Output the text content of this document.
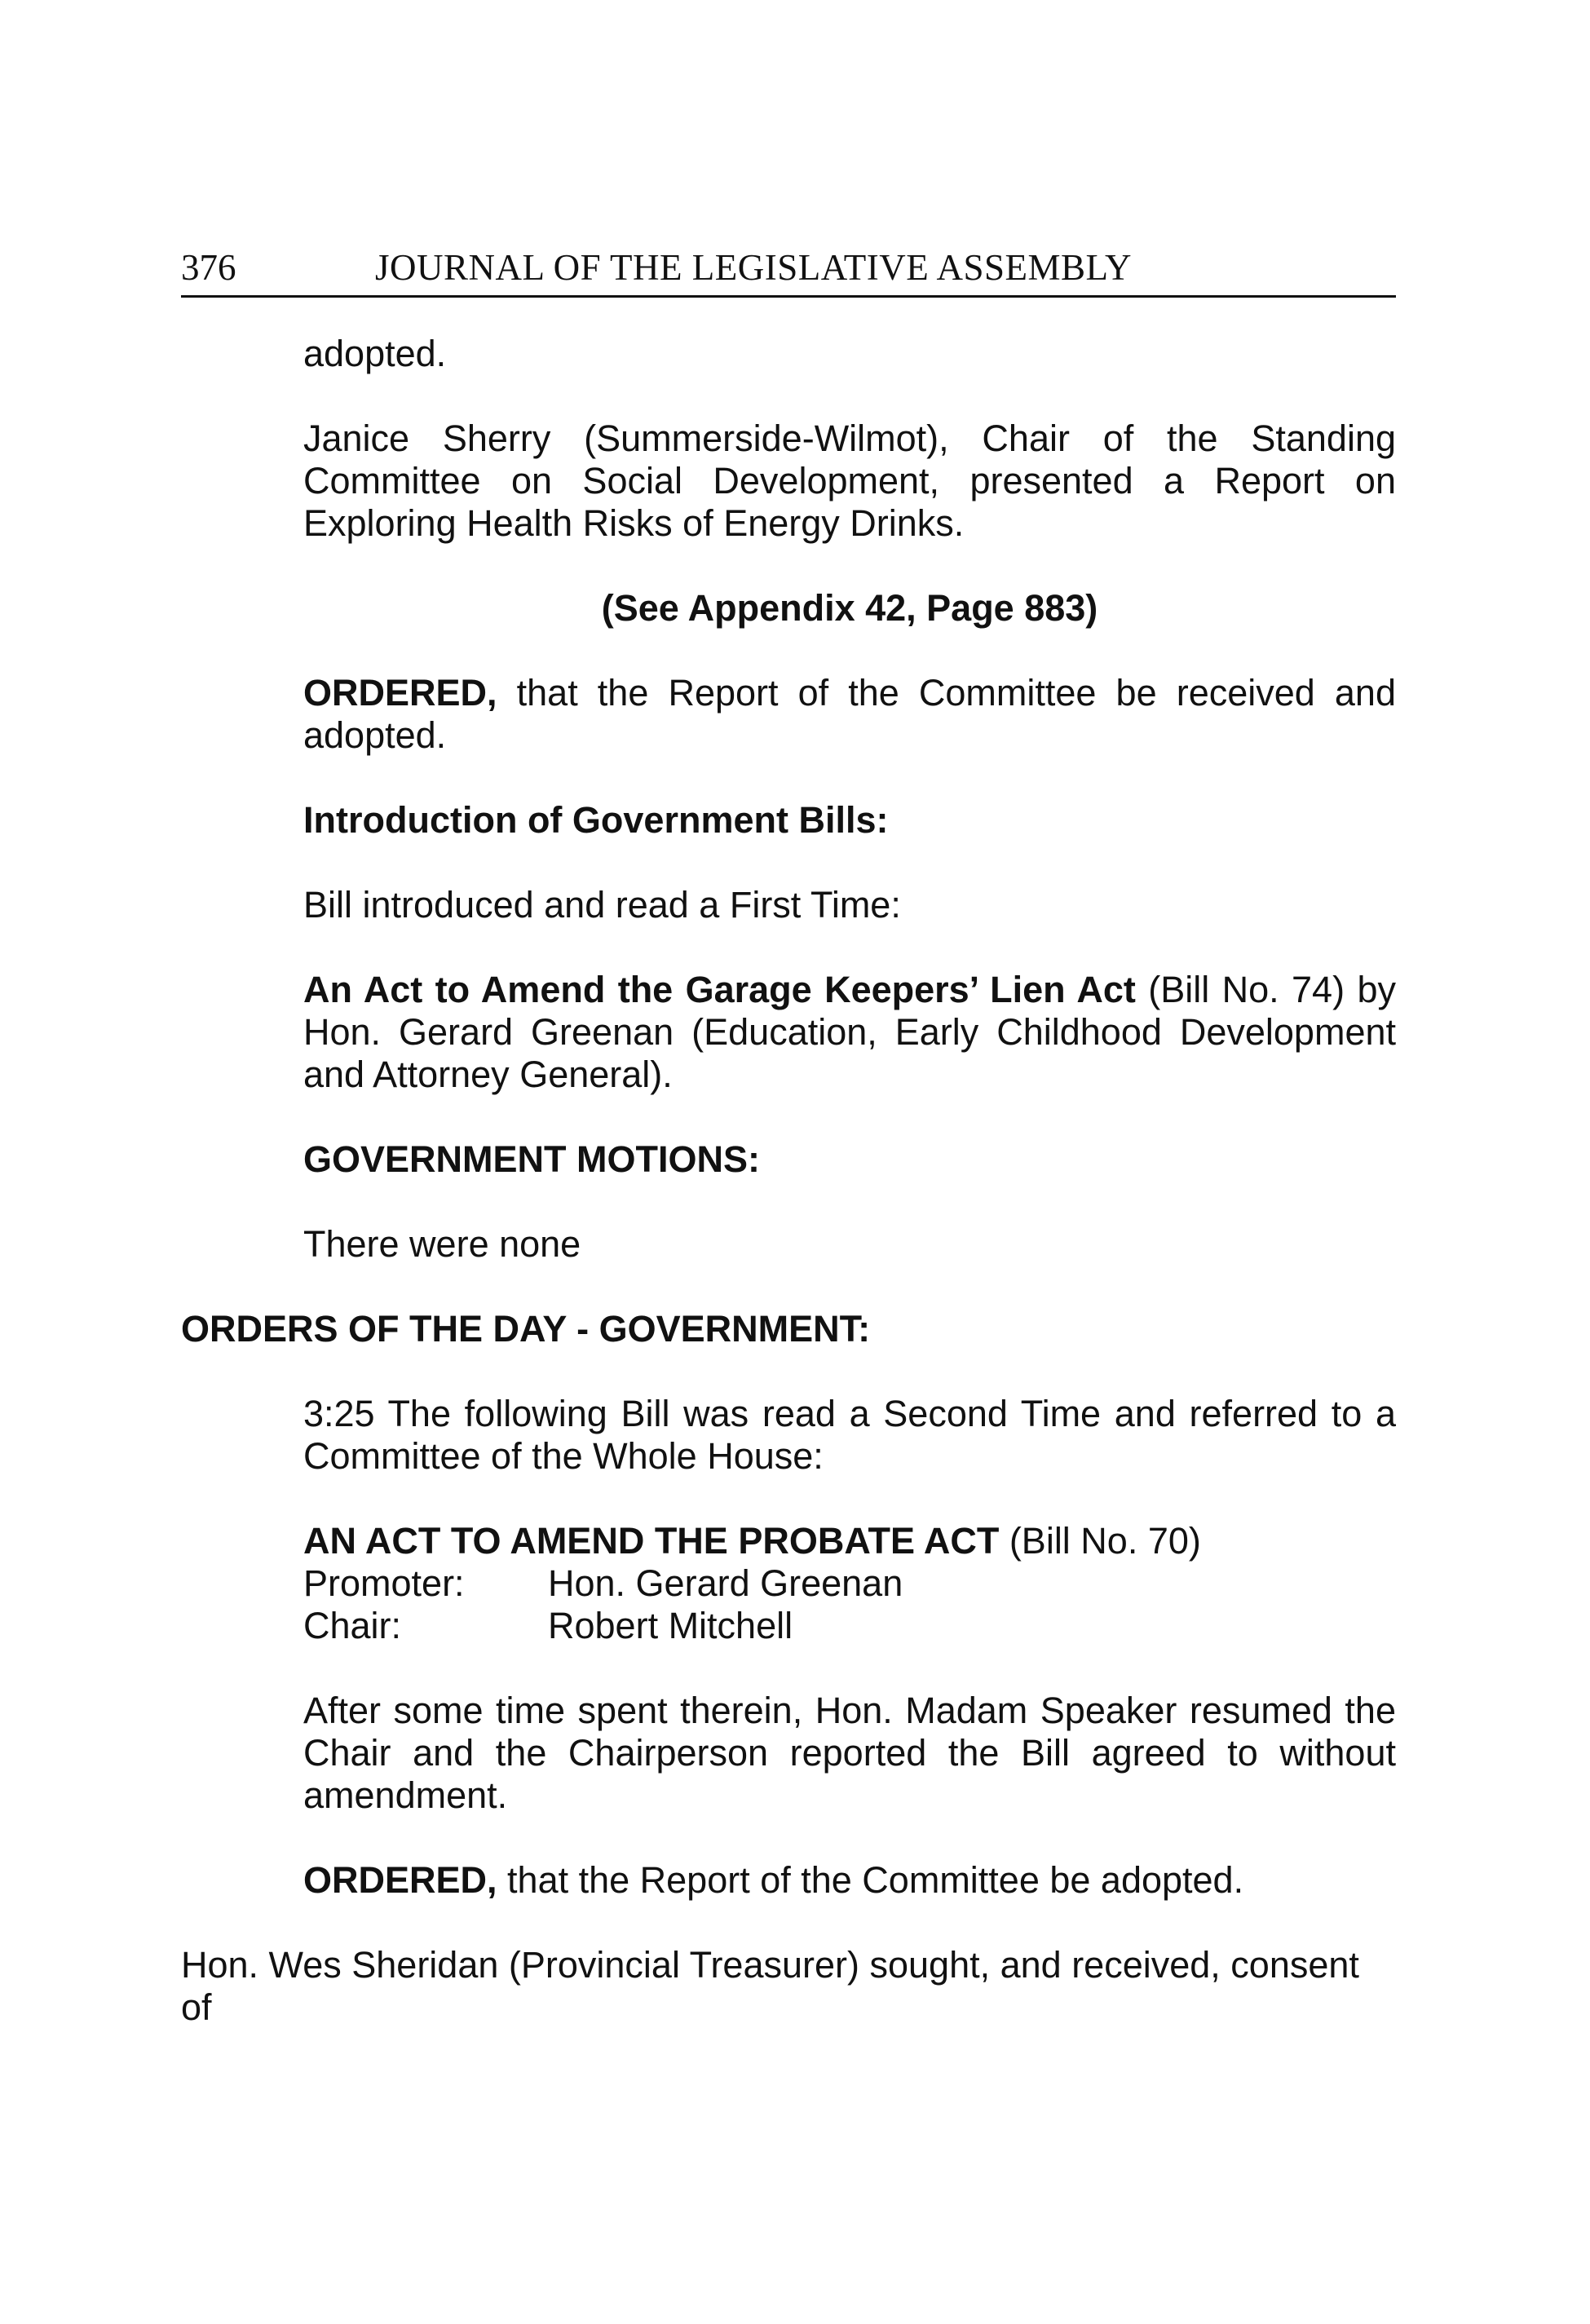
376	JOURNAL OF THE LEGISLATIVE ASSEMBLY

adopted.

Janice Sherry (Summerside-Wilmot), Chair of the Standing Committee on Social Development, presented a Report on Exploring Health Risks of Energy Drinks.

(See Appendix 42, Page 883)

ORDERED, that the Report of the Committee be received and adopted.

Introduction of Government Bills:

Bill introduced and read a First Time:

An Act to Amend the Garage Keepers’ Lien Act (Bill No. 74) by Hon. Gerard Greenan (Education, Early Childhood Development and Attorney General).

GOVERNMENT MOTIONS:

There were none

ORDERS OF THE DAY - GOVERNMENT:

3:25 The following Bill was read a Second Time and referred to a Committee of the Whole House:

AN ACT TO AMEND THE PROBATE ACT (Bill No. 70)
Promoter:	Hon. Gerard Greenan
Chair:	Robert Mitchell

After some time spent therein, Hon. Madam Speaker resumed the Chair and the Chairperson reported the Bill agreed to without amendment.

ORDERED, that the Report of the Committee be adopted.

Hon. Wes Sheridan (Provincial Treasurer) sought, and received, consent of
